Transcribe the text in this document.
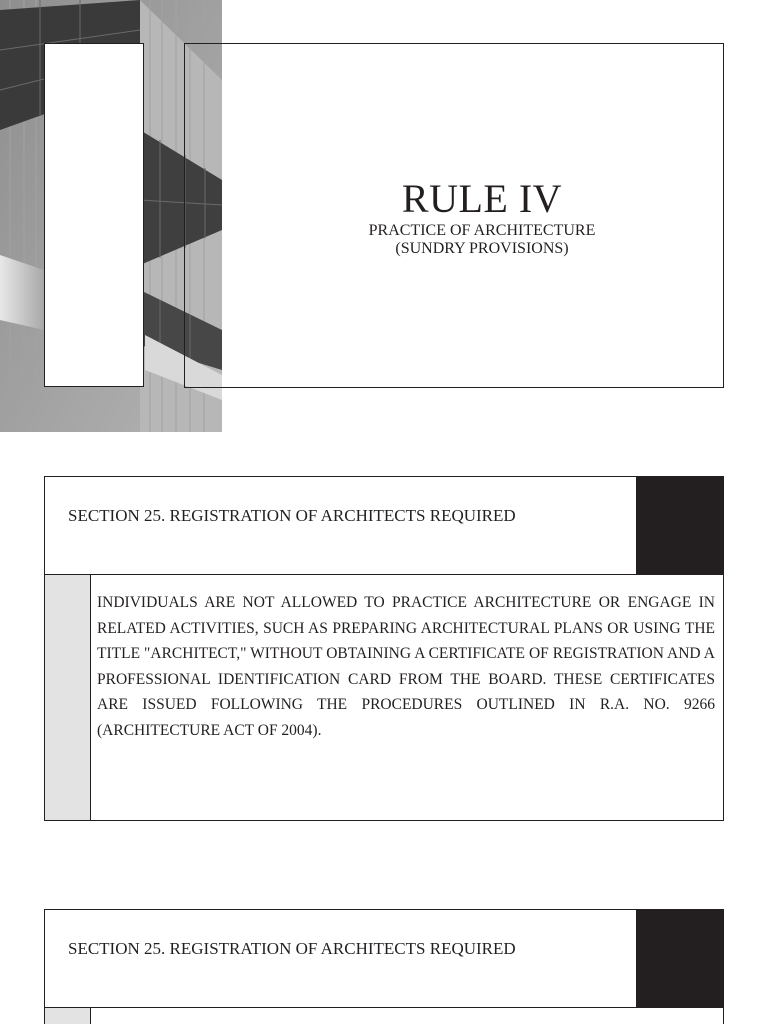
RULE IV
PRACTICE OF ARCHITECTURE
(SUNDRY PROVISIONS)
SECTION 25. REGISTRATION OF ARCHITECTS REQUIRED
INDIVIDUALS ARE NOT ALLOWED TO PRACTICE ARCHITECTURE OR ENGAGE IN RELATED ACTIVITIES, SUCH AS PREPARING ARCHITECTURAL PLANS OR USING THE TITLE "ARCHITECT," WITHOUT OBTAINING A CERTIFICATE OF REGISTRATION AND A PROFESSIONAL IDENTIFICATION CARD FROM THE BOARD. THESE CERTIFICATES ARE ISSUED FOLLOWING THE PROCEDURES OUTLINED IN R.A. NO. 9266 (ARCHITECTURE ACT OF 2004).
SECTION 25. REGISTRATION OF ARCHITECTS REQUIRED
